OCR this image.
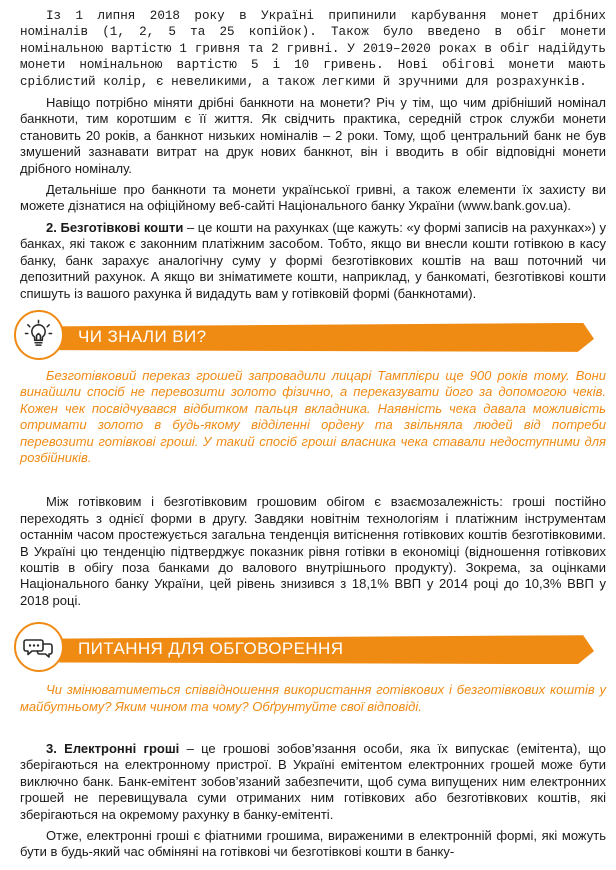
Із 1 липня 2018 року в Україні припинили карбування монет дрібних номіналів (1, 2, 5 та 25 копійок). Також було введено в обіг монети номінальною вартістю 1 гривня та 2 гривні. У 2019–2020 роках в обіг надійдуть монети номінальною вартістю 5 і 10 гривень. Нові обігові монети мають сріблистий колір, є невеликими, а також легкими й зручними для розрахунків.

Навіщо потрібно міняти дрібні банкноти на монети? Річ у тім, що чим дрібніший номінал банкноти, тим коротшим є її життя. Як свідчить практика, середній строк служби монети становить 20 років, а банкнот низьких номіналів – 2 роки. Тому, щоб центральний банк не був змушений зазнавати витрат на друк нових банкнот, він і вводить в обіг відповідні монети дрібного номіналу.

Детальніше про банкноти та монети української гривні, а також елементи їх захисту ви можете дізнатися на офіційному веб-сайті Національного банку України (www.bank.gov.ua).

2. Безготівкові кошти – це кошти на рахунках (ще кажуть: «у формі записів на рахунках») у банках, які також є законним платіжним засобом. Тобто, якщо ви внесли кошти готівкою в касу банку, банк зарахує аналогічну суму у формі безготівкових коштів на ваш поточний чи депозитний рахунок. А якщо ви зніматимете кошти, наприклад, у банкоматі, безготівкові кошти спишуть із вашого рахунка й видадуть вам у готівковій формі (банкнотами).

ЧИ ЗНАЛИ ВИ?

Безготівковий переказ грошей запровадили лицарі Тамплієри ще 900 років тому. Вони винайшли спосіб не перевозити золото фізично, а переказувати його за допомогою чеків. Кожен чек посвідчувався відбитком пальця вкладника. Наявність чека давала можливість отримати золото в будь-якому відділенні ордену та звільняла людей від потреби перевозити готівкові гроші. У такий спосіб гроші власника чека ставали недоступними для розбійників.

Між готівковим і безготівковим грошовим обігом є взаємозалежність: гроші постійно переходять з однієї форми в другу. Завдяки новітнім технологіям і платіжним інструментам останнім часом простежується загальна тенденція витіснення готівкових коштів безготівковими. В Україні цю тенденцію підтверджує показник рівня готівки в економіці (відношення готівкових коштів в обігу поза банками до валового внутрішнього продукту). Зокрема, за оцінками Національного банку України, цей рівень знизився з 18,1% ВВП у 2014 році до 10,3% ВВП у 2018 році.

ПИТАННЯ ДЛЯ ОБГОВОРЕННЯ

Чи змінюватиметься співвідношення використання готівкових і безготівкових коштів у майбутньому? Яким чином та чому? Обґрунтуйте свої відповіді.

3. Електронні гроші – це грошові зобов’язання особи, яка їх випускає (емітента), що зберігаються на електронному пристрої. В Україні емітентом електронних грошей може бути виключно банк. Банк-емітент зобов’язаний забезпечити, щоб сума випущених ним електронних грошей не перевищувала суми отриманих ним готівкових або безготівкових коштів, які зберігаються на окремому рахунку в банку-емітенті.

Отже, електронні гроші є фіатними грошима, вираженими в електронній формі, які можуть бути в будь-який час обміняні на готівкові чи безготівкові кошти в банку-
